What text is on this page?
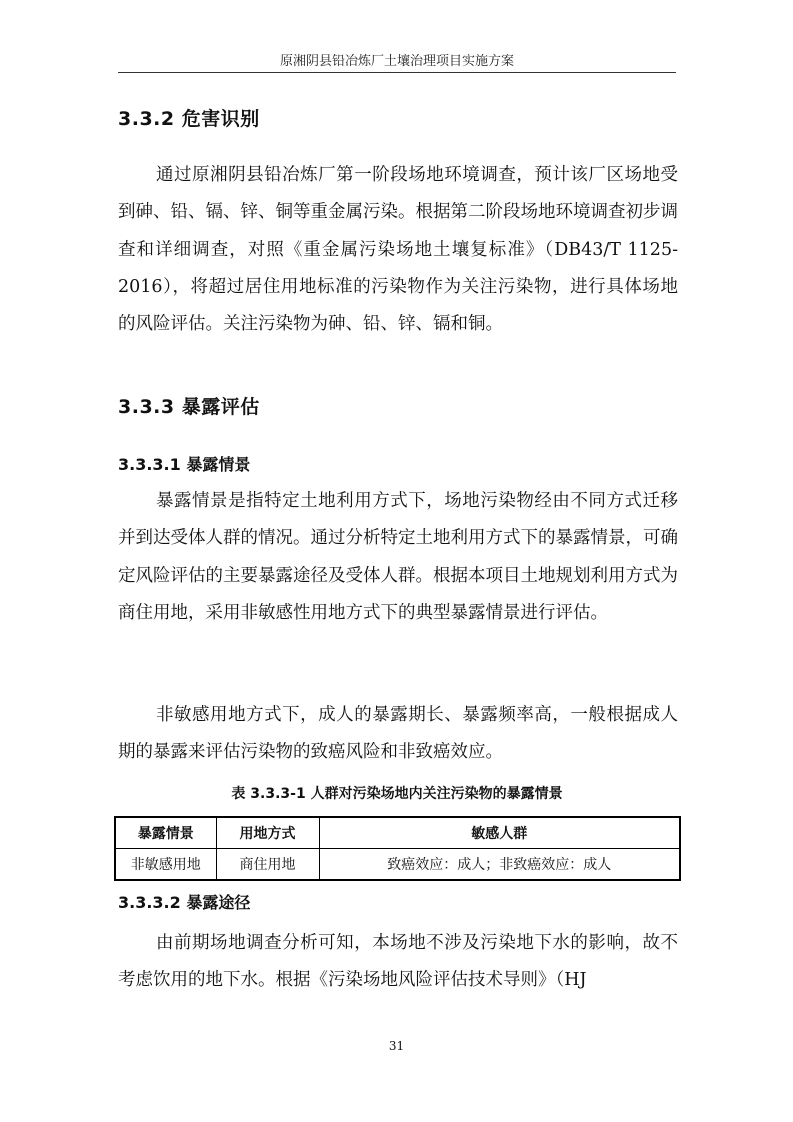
原湘阴县铅冶炼厂土壤治理项目实施方案
3.3.2 危害识别
通过原湘阴县铅冶炼厂第一阶段场地环境调查，预计该厂区场地受到砷、铅、镉、锌、铜等重金属污染。根据第二阶段场地环境调查初步调查和详细调查，对照《重金属污染场地土壤复标准》（DB43/T 1125-2016），将超过居住用地标准的污染物作为关注污染物，进行具体场地的风险评估。关注污染物为砷、铅、锌、镉和铜。
3.3.3 暴露评估
3.3.3.1 暴露情景
暴露情景是指特定土地利用方式下，场地污染物经由不同方式迁移并到达受体人群的情况。通过分析特定土地利用方式下的暴露情景，可确定风险评估的主要暴露途径及受体人群。根据本项目土地规划利用方式为商住用地，采用非敏感性用地方式下的典型暴露情景进行评估。
非敏感用地方式下，成人的暴露期长、暴露频率高，一般根据成人期的暴露来评估污染物的致癌风险和非致癌效应。
表 3.3.3-1 人群对污染场地内关注污染物的暴露情景
暴露情景	用地方式	敏感人群
非敏感用地	商住用地	致癌效应：成人；非致癌效应：成人
3.3.3.2 暴露途径
由前期场地调查分析可知，本场地不涉及污染地下水的影响，故不考虑饮用的地下水。根据《污染场地风险评估技术导则》（HJ
31
